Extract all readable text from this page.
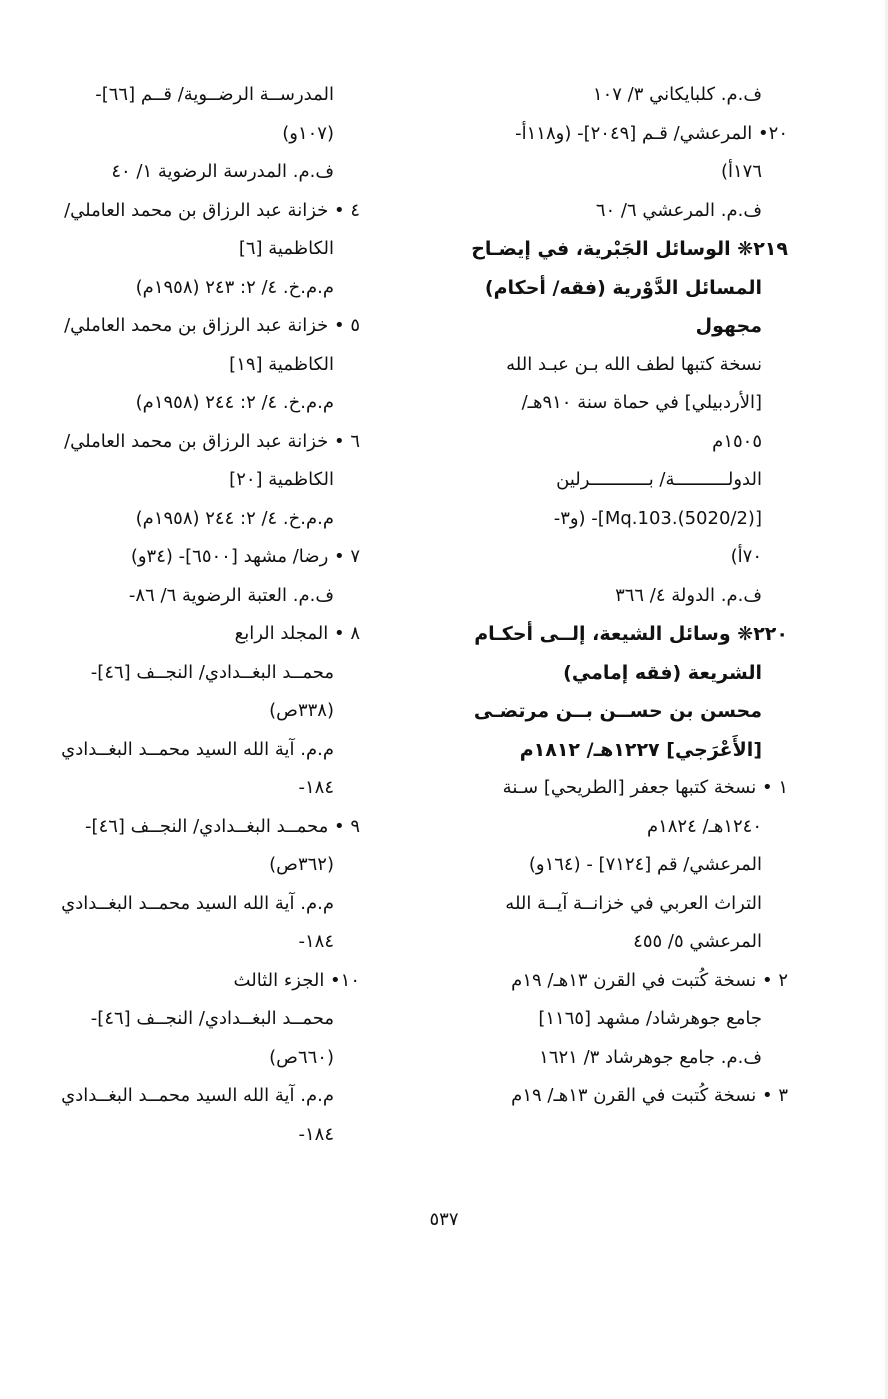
ف.م. كلبايكاني ٣/ ١٠٧
٢٠• المرعشي/ قـم [٢٠٤٩]- (و١١٨أ-
١٧٦أ)
ف.م. المرعشي ٦/ ٦٠
٢١٩❋ الوسائل الجَبْرية، في إيضـاح
المسائل الدَّوْرية (فقه/ أحكام)
مجهول
نسخة كتبها لطف الله بـن عبـد الله
[الأردبيلي] في حماة سنة ٩١٠هـ/
١٥٠٥م
الدولــــــــــة/ بـــــــــــرلين
[Mq.103.(5020/2)]- (و٣-
٧٠أ)
ف.م. الدولة ٤/ ٣٦٦
٢٢٠❋ وسائل الشيعة، إلــى أحكـام
الشريعة (فقه إمامي)
محسن بن حســن بــن مرتضـى
[الأَعْرَجي] ١٢٢٧هـ/ ١٨١٢م
١ • نسخة كتبها جعفر [الطريحي] سـنة
١٢٤٠هـ/ ١٨٢٤م
المرعشي/ قم [٧١٢٤] - (١٦٤و)
التراث العربي في خزانــة آيــة الله
المرعشي ٥/ ٤٥٥
٢ • نسخة كُتبت في القرن ١٣هـ/ ١٩م
جامع جوهرشاد/ مشهد [١١٦٥]
ف.م. جامع جوهرشاد ٣/ ١٦٢١
٣ • نسخة كُتبت في القرن ١٣هـ/ ١٩م
المدرســة الرضــوية/ قــم [٦٦]-
(١٠٧و)
ف.م. المدرسة الرضوية ١/ ٤٠
٤ • خزانة عبد الرزاق بن محمد العاملي/
الكاظمية [٦]
م.م.خ. ٤/ ٢: ٢٤٣ (١٩٥٨م)
٥ • خزانة عبد الرزاق بن محمد العاملي/
الكاظمية [١٩]
م.م.خ. ٤/ ٢: ٢٤٤ (١٩٥٨م)
٦ • خزانة عبد الرزاق بن محمد العاملي/
الكاظمية [٢٠]
م.م.خ. ٤/ ٢: ٢٤٤ (١٩٥٨م)
٧ • رضا/ مشهد [٦٥٠٠]- (٣٤و)
ف.م. العتبة الرضوية ٦/ ٨٦-
٨ • المجلد الرابع
محمــد البغــدادي/ النجــف [٤٦]-
(٣٣٨ص)
م.م. آية الله السيد محمــد البغــدادي
١٨٤-
٩ • محمــد البغــدادي/ النجــف [٤٦]-
(٣٦٢ص)
م.م. آية الله السيد محمــد البغــدادي
١٨٤-
١٠• الجزء الثالث
محمــد البغــدادي/ النجــف [٤٦]-
(٦٦٠ص)
م.م. آية الله السيد محمــد البغــدادي
١٨٤-
٥٣٧
